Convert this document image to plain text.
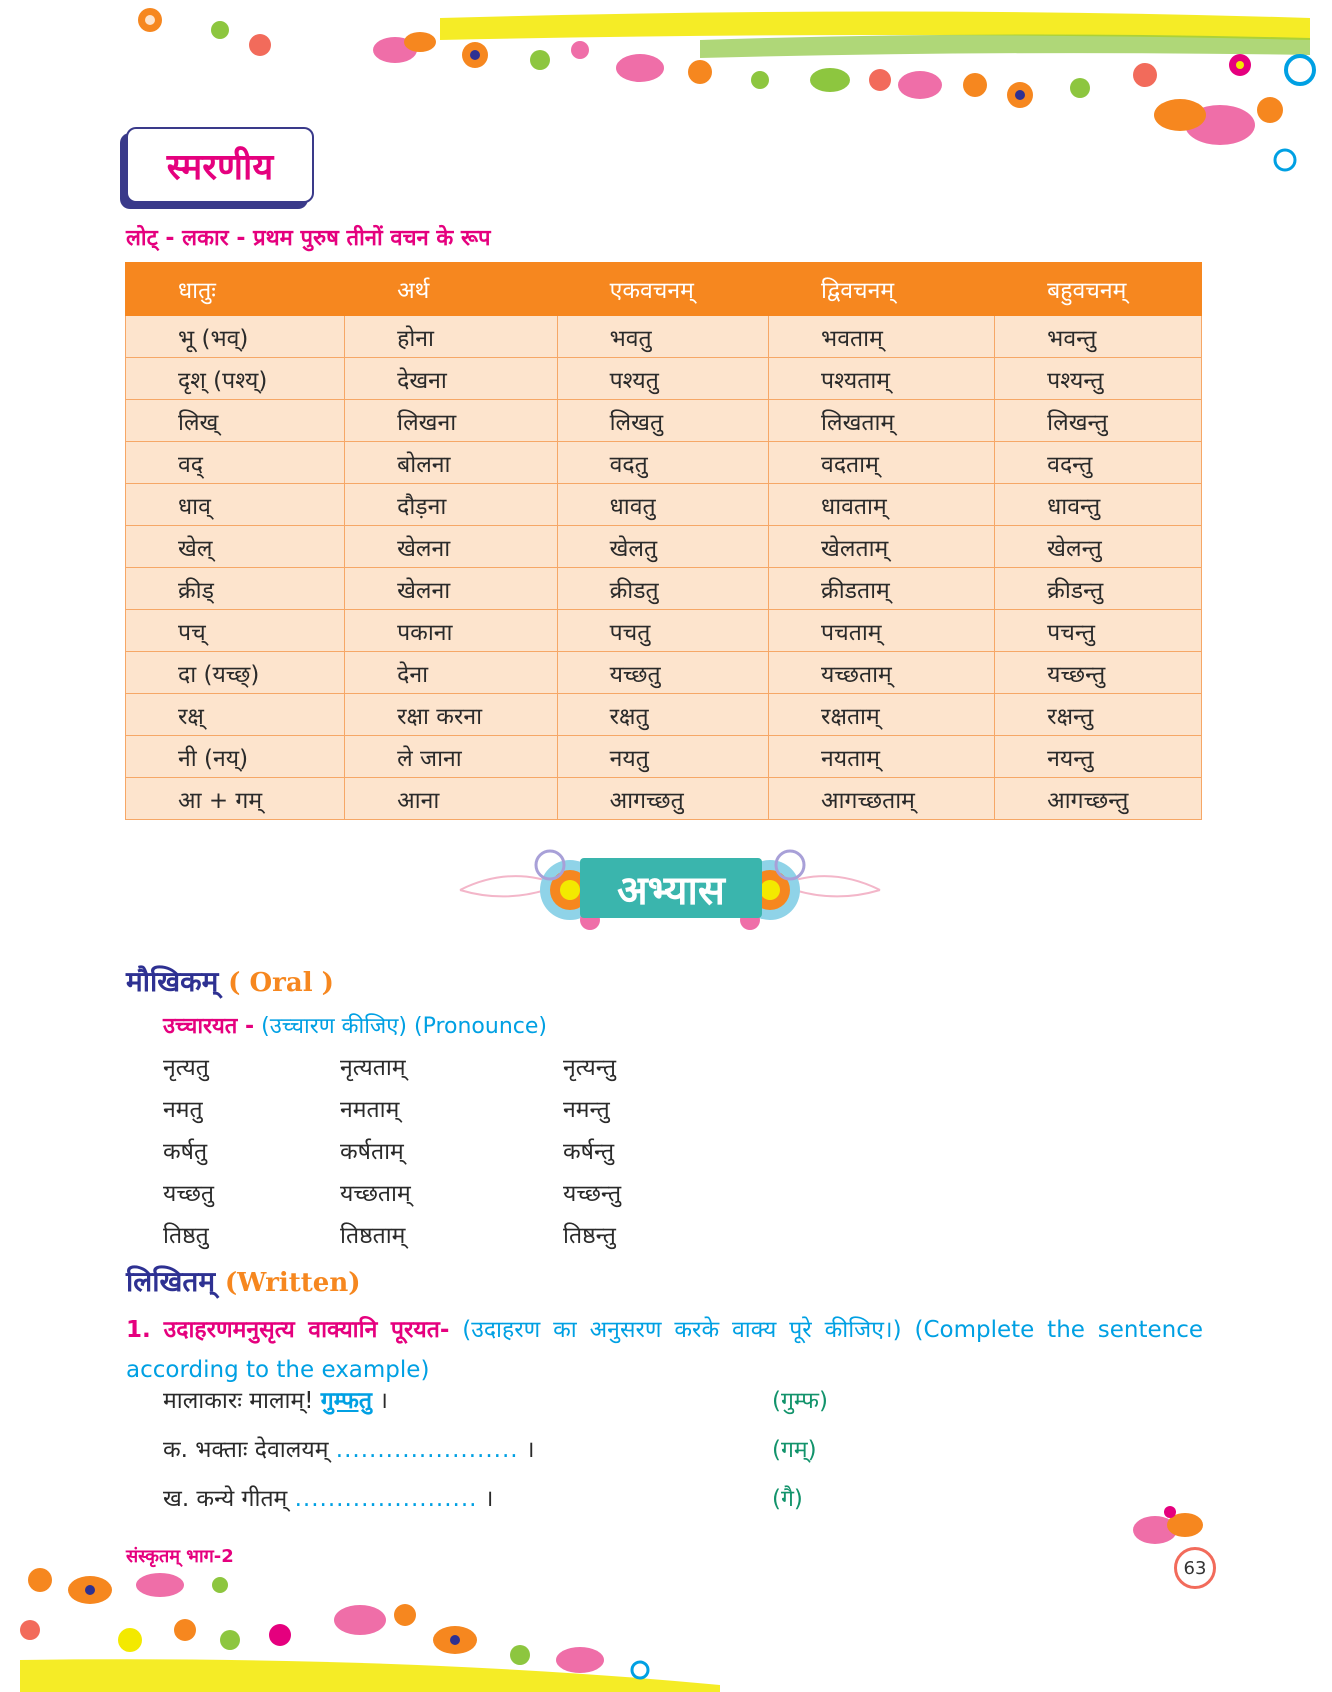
स्मरणीय
लोट् - लकार - प्रथम पुरुष तीनों वचन के रूप
धातुः	अर्थ	एकवचनम्	द्विवचनम्	बहुवचनम्
भू (भव्)	होना	भवतु	भवताम्	भवन्तु
दृश् (पश्य्)	देखना	पश्यतु	पश्यताम्	पश्यन्तु
लिख्	लिखना	लिखतु	लिखताम्	लिखन्तु
वद्	बोलना	वदतु	वदताम्	वदन्तु
धाव्	दौड़ना	धावतु	धावताम्	धावन्तु
खेल्	खेलना	खेलतु	खेलताम्	खेलन्तु
क्रीड्	खेलना	क्रीडतु	क्रीडताम्	क्रीडन्तु
पच्	पकाना	पचतु	पचताम्	पचन्तु
दा (यच्छ्)	देना	यच्छतु	यच्छताम्	यच्छन्तु
रक्ष्	रक्षा करना	रक्षतु	रक्षताम्	रक्षन्तु
नी (नय्)	ले जाना	नयतु	नयताम्	नयन्तु
आ + गम्	आना	आगच्छतु	आगच्छताम्	आगच्छन्तु
अभ्यास
मौखिकम् ( Oral )
उच्चारयत - (उच्चारण कीजिए) (Pronounce)
नृत्यतु	नृत्यताम्	नृत्यन्तु
नमतु	नमताम्	नमन्तु
कर्षतु	कर्षताम्	कर्षन्तु
यच्छतु	यच्छताम्	यच्छन्तु
तिष्ठतु	तिष्ठताम्	तिष्ठन्तु
लिखितम् (Written)
1. उदाहरणमनुसृत्य वाक्यानि पूरयत- (उदाहरण का अनुसरण करके वाक्य पूरे कीजिए।) (Complete the sentence according to the example)
मालाकारः मालाम्! गुम्फतु ।	(गुम्फ)
क. भक्ताः देवालयम् ...................... ।	(गम्)
ख. कन्ये गीतम् ...................... ।	(गै)
संस्कृतम् भाग-2
63
